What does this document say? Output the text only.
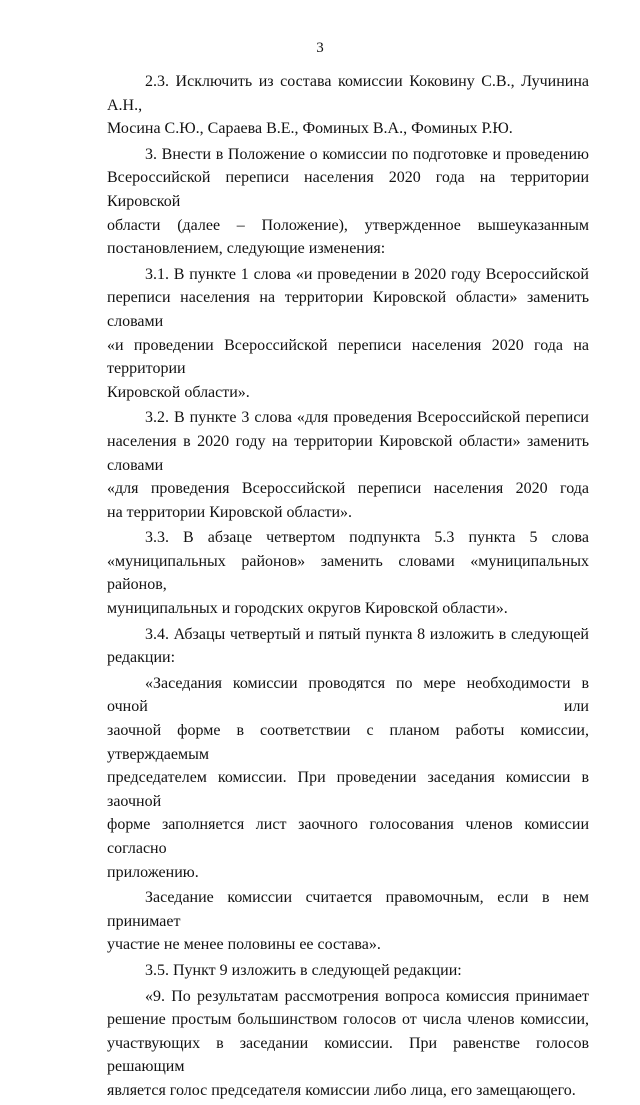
3
2.3. Исключить из состава комиссии Коковину С.В., Лучинина А.Н.,
Мосина С.Ю., Сараева В.Е., Фоминых В.А., Фоминых Р.Ю.
3. Внести в Положение о комиссии по подготовке и проведению
Всероссийской переписи населения 2020 года на территории Кировской
области (далее – Положение), утвержденное вышеуказанным
постановлением, следующие изменения:
3.1. В пункте 1 слова «и проведении в 2020 году Всероссийской
переписи населения на территории Кировской области» заменить словами
«и проведении Всероссийской переписи населения 2020 года на территории
Кировской области».
3.2. В пункте 3 слова «для проведения Всероссийской переписи
населения в 2020 году на территории Кировской области» заменить словами
«для проведения Всероссийской переписи населения 2020 года
на территории Кировской области».
3.3. В абзаце четвертом подпункта 5.3 пункта 5 слова
«муниципальных районов» заменить словами «муниципальных районов,
муниципальных и городских округов Кировской области».
3.4. Абзацы четвертый и пятый пункта 8 изложить в следующей
редакции:
«Заседания комиссии проводятся по мере необходимости в очной или
заочной форме в соответствии с планом работы комиссии, утверждаемым
председателем комиссии. При проведении заседания комиссии в заочной
форме заполняется лист заочного голосования членов комиссии согласно
приложению.
Заседание комиссии считается правомочным, если в нем принимает
участие не менее половины ее состава».
3.5. Пункт 9 изложить в следующей редакции:
«9. По результатам рассмотрения вопроса комиссия принимает
решение простым большинством голосов от числа членов комиссии,
участвующих в заседании комиссии. При равенстве голосов решающим
является голос председателя комиссии либо лица, его замещающего.
